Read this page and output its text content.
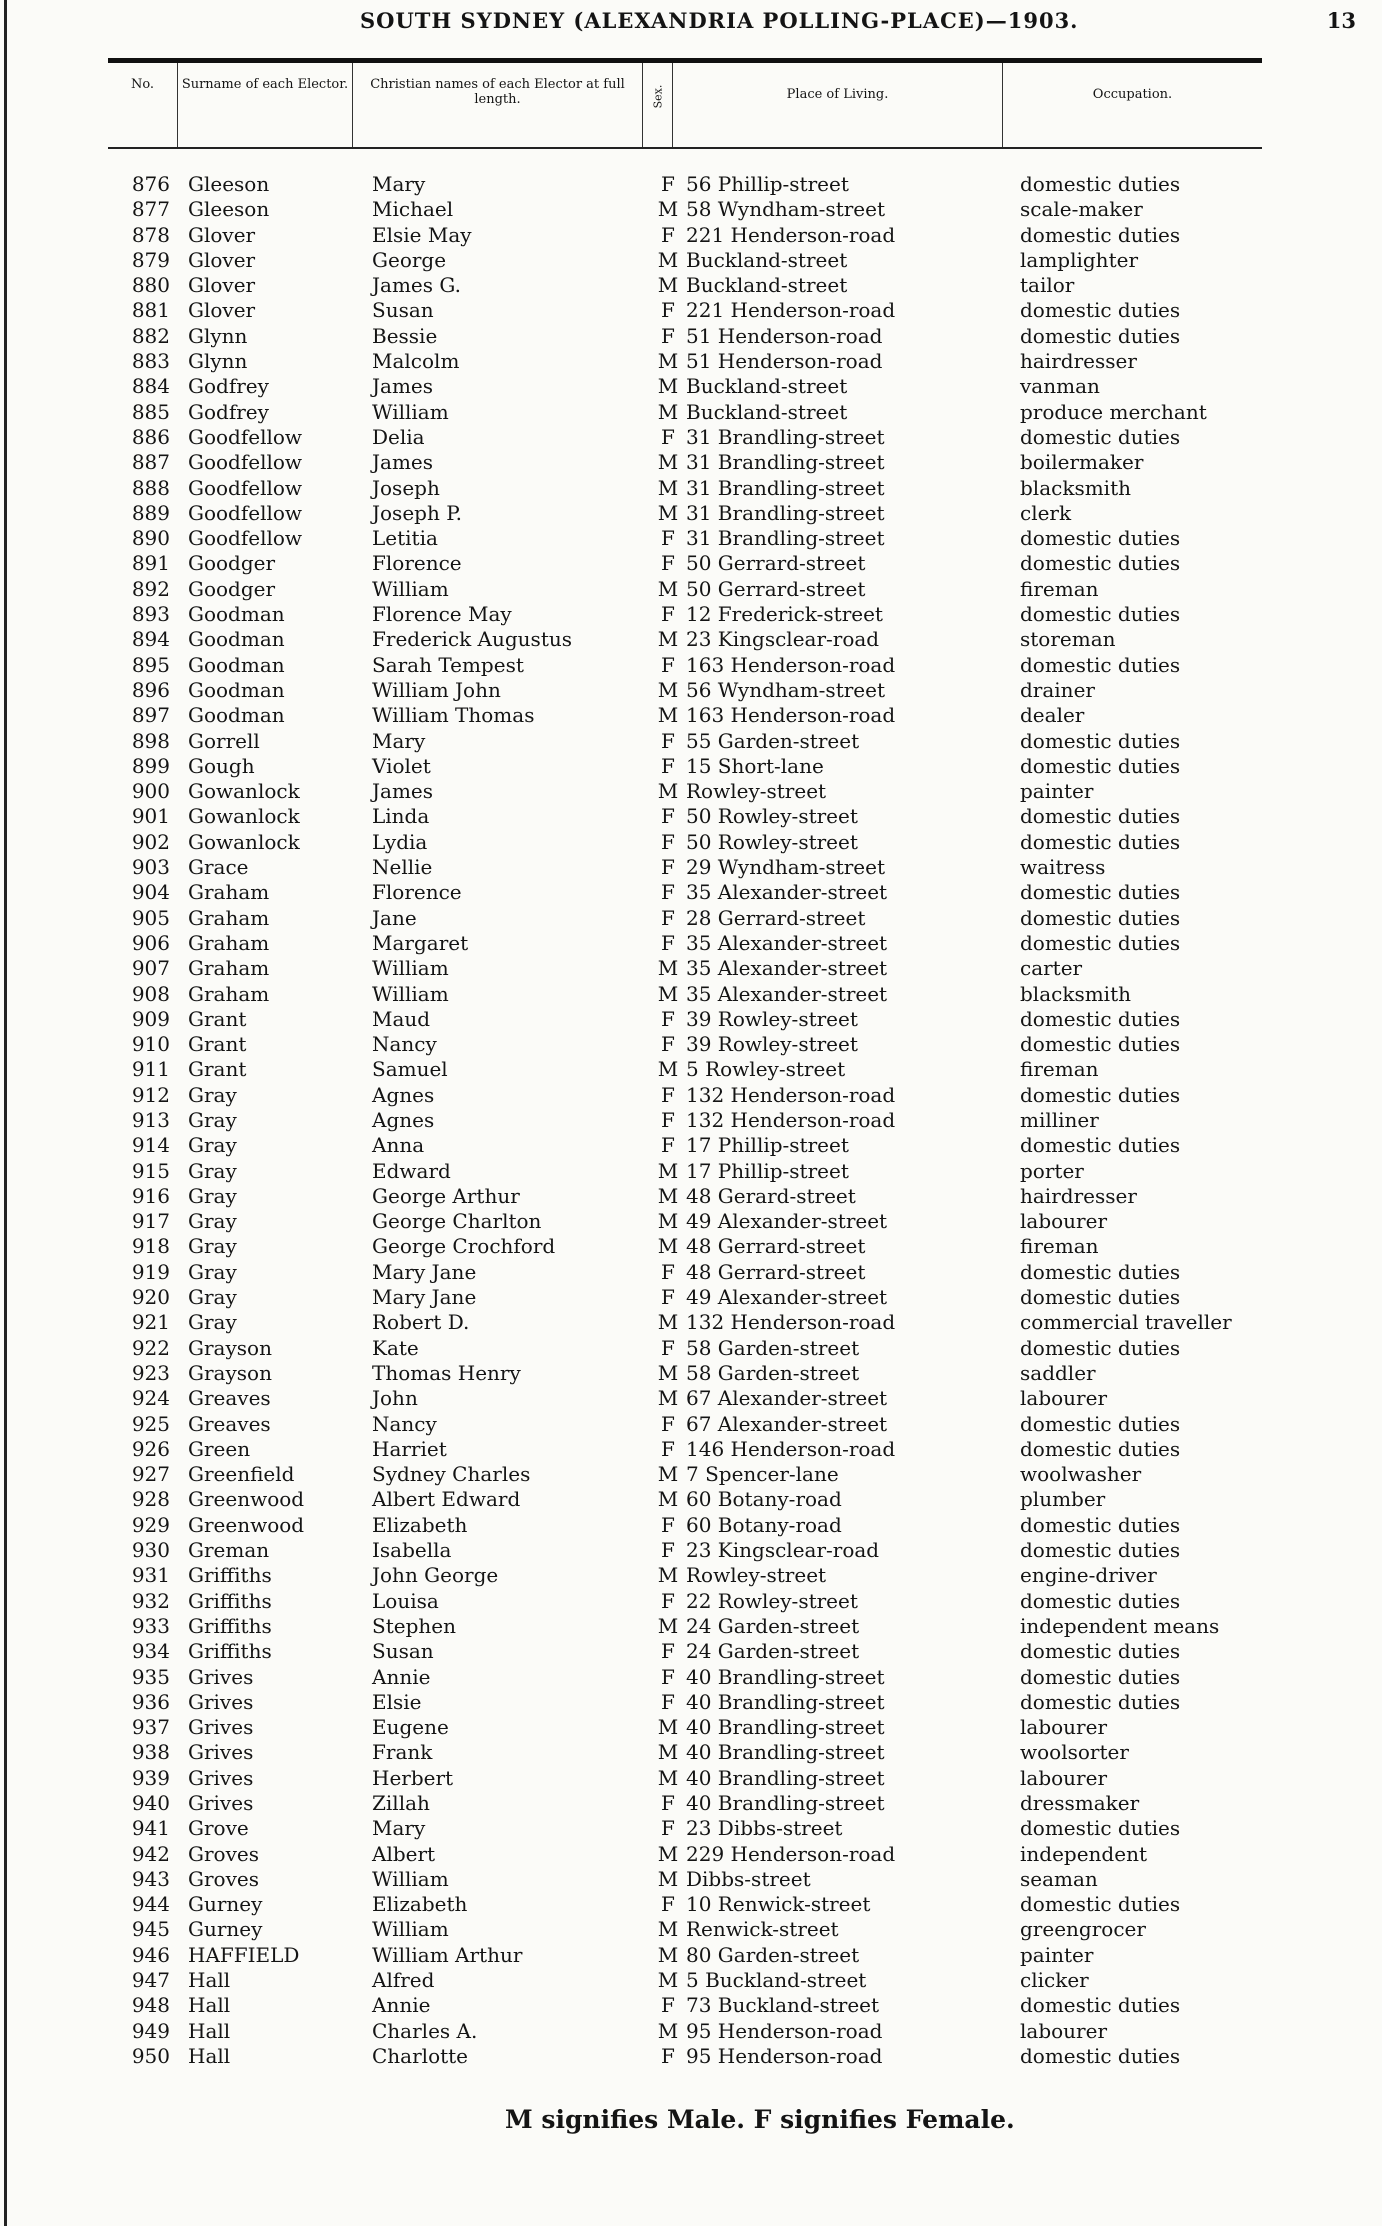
SOUTH SYDNEY (ALEXANDRIA POLLING-PLACE)—1903.	13
No.	Surname of each Elector.	Christian names of each Elector at full length.	Sex.	Place of Living.	Occupation.
876 Gleeson	Mary	F 56 Phillip-street	domestic duties
877 Gleeson	Michael	M 58 Wyndham-street	scale-maker
878 Glover	Elsie May	F 221 Henderson-road	domestic duties
879 Glover	George	M Buckland-street	lamplighter
880 Glover	James G.	M Buckland-street	tailor
881 Glover	Susan	F 221 Henderson-road	domestic duties
882 Glynn	Bessie	F 51 Henderson-road	domestic duties
883 Glynn	Malcolm	M 51 Henderson-road	hairdresser
884 Godfrey	James	M Buckland-street	vanman
885 Godfrey	William	M Buckland-street	produce merchant
886 Goodfellow	Delia	F 31 Brandling-street	domestic duties
887 Goodfellow	James	M 31 Brandling-street	boilermaker
888 Goodfellow	Joseph	M 31 Brandling-street	blacksmith
889 Goodfellow	Joseph P.	M 31 Brandling-street	clerk
890 Goodfellow	Letitia	F 31 Brandling-street	domestic duties
891 Goodger	Florence	F 50 Gerrard-street	domestic duties
892 Goodger	William	M 50 Gerrard-street	fireman
893 Goodman	Florence May	F 12 Frederick-street	domestic duties
894 Goodman	Frederick Augustus	M 23 Kingsclear-road	storeman
895 Goodman	Sarah Tempest	F 163 Henderson-road	domestic duties
896 Goodman	William John	M 56 Wyndham-street	drainer
897 Goodman	William Thomas	M 163 Henderson-road	dealer
898 Gorrell	Mary	F 55 Garden-street	domestic duties
899 Gough	Violet	F 15 Short-lane	domestic duties
900 Gowanlock	James	M Rowley-street	painter
901 Gowanlock	Linda	F 50 Rowley-street	domestic duties
902 Gowanlock	Lydia	F 50 Rowley-street	domestic duties
903 Grace	Nellie	F 29 Wyndham-street	waitress
904 Graham	Florence	F 35 Alexander-street	domestic duties
905 Graham	Jane	F 28 Gerrard-street	domestic duties
906 Graham	Margaret	F 35 Alexander-street	domestic duties
907 Graham	William	M 35 Alexander-street	carter
908 Graham	William	M 35 Alexander-street	blacksmith
909 Grant	Maud	F 39 Rowley-street	domestic duties
910 Grant	Nancy	F 39 Rowley-street	domestic duties
911 Grant	Samuel	M 5 Rowley-street	fireman
912 Gray	Agnes	F 132 Henderson-road	domestic duties
913 Gray	Agnes	F 132 Henderson-road	milliner
914 Gray	Anna	F 17 Phillip-street	domestic duties
915 Gray	Edward	M 17 Phillip-street	porter
916 Gray	George Arthur	M 48 Gerard-street	hairdresser
917 Gray	George Charlton	M 49 Alexander-street	labourer
918 Gray	George Crochford	M 48 Gerrard-street	fireman
919 Gray	Mary Jane	F 48 Gerrard-street	domestic duties
920 Gray	Mary Jane	F 49 Alexander-street	domestic duties
921 Gray	Robert D.	M 132 Henderson-road	commercial traveller
922 Grayson	Kate	F 58 Garden-street	domestic duties
923 Grayson	Thomas Henry	M 58 Garden-street	saddler
924 Greaves	John	M 67 Alexander-street	labourer
925 Greaves	Nancy	F 67 Alexander-street	domestic duties
926 Green	Harriet	F 146 Henderson-road	domestic duties
927 Greenfield	Sydney Charles	M 7 Spencer-lane	woolwasher
928 Greenwood	Albert Edward	M 60 Botany-road	plumber
929 Greenwood	Elizabeth	F 60 Botany-road	domestic duties
930 Greman	Isabella	F 23 Kingsclear-road	domestic duties
931 Griffiths	John George	M Rowley-street	engine-driver
932 Griffiths	Louisa	F 22 Rowley-street	domestic duties
933 Griffiths	Stephen	M 24 Garden-street	independent means
934 Griffiths	Susan	F 24 Garden-street	domestic duties
935 Grives	Annie	F 40 Brandling-street	domestic duties
936 Grives	Elsie	F 40 Brandling-street	domestic duties
937 Grives	Eugene	M 40 Brandling-street	labourer
938 Grives	Frank	M 40 Brandling-street	woolsorter
939 Grives	Herbert	M 40 Brandling-street	labourer
940 Grives	Zillah	F 40 Brandling-street	dressmaker
941 Grove	Mary	F 23 Dibbs-street	domestic duties
942 Groves	Albert	M 229 Henderson-road	independent
943 Groves	William	M Dibbs-street	seaman
944 Gurney	Elizabeth	F 10 Renwick-street	domestic duties
945 Gurney	William	M Renwick-street	greengrocer
946 HAFFIELD	William Arthur	M 80 Garden-street	painter
947 Hall	Alfred	M 5 Buckland-street	clicker
948 Hall	Annie	F 73 Buckland-street	domestic duties
949 Hall	Charles A.	M 95 Henderson-road	labourer
950 Hall	Charlotte	F 95 Henderson-road	domestic duties
M signifies Male. F signifies Female.
